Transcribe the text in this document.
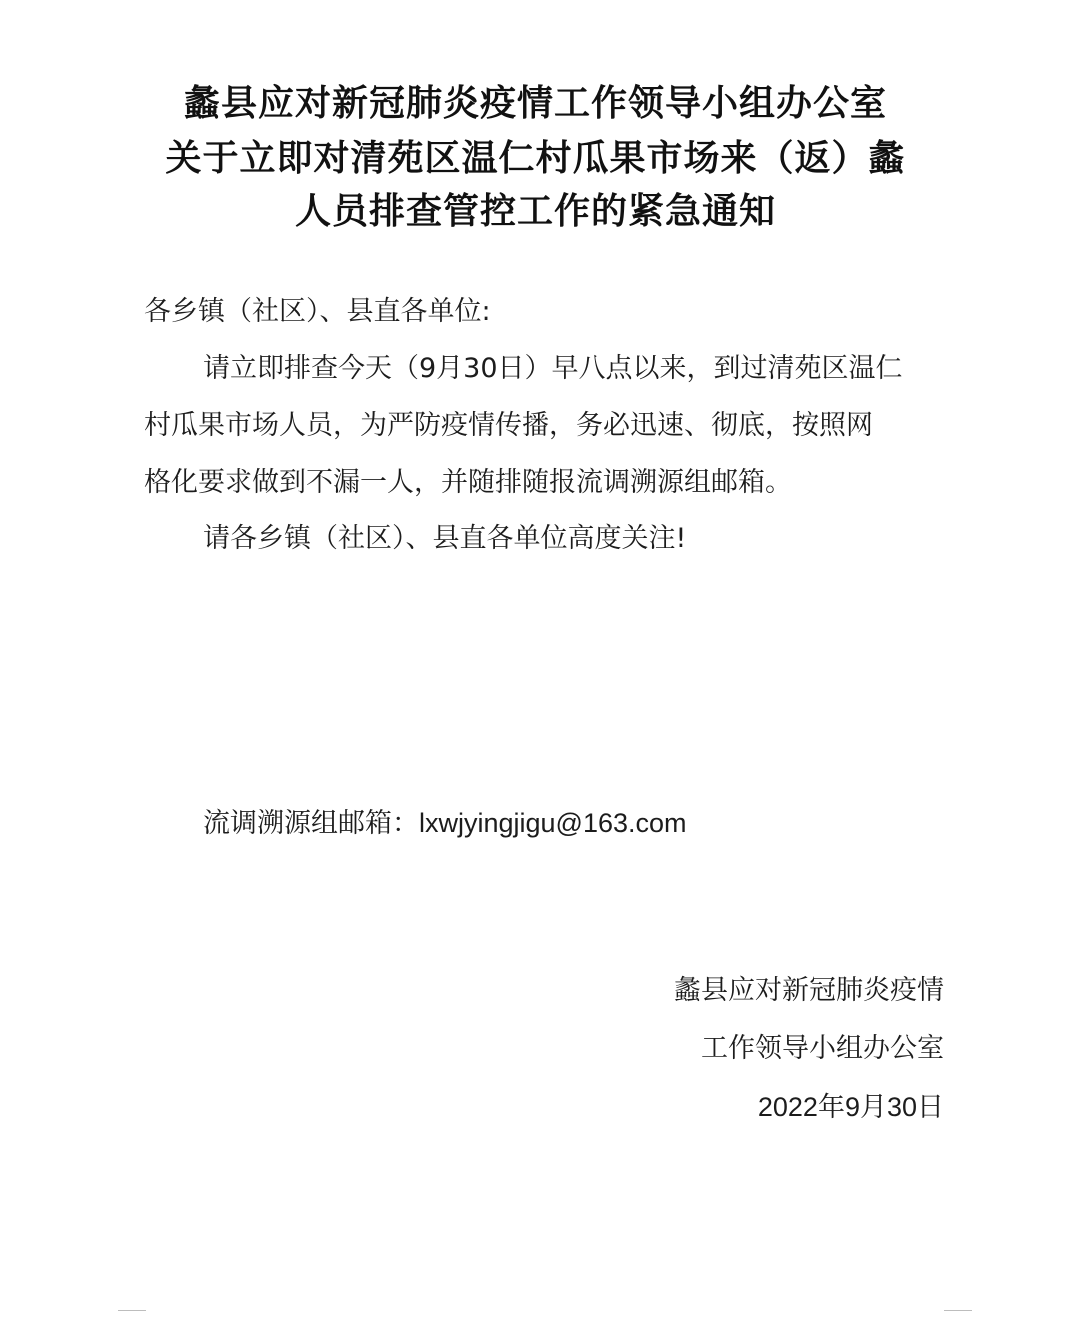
蠡县应对新冠肺炎疫情工作领导小组办公室
关于立即对清苑区温仁村瓜果市场来（返）蠡
人员排查管控工作的紧急通知
各乡镇（社区）、县直各单位:
请立即排查今天（9月30日）早八点以来，到过清苑区温仁
村瓜果市场人员，为严防疫情传播，务必迅速、彻底，按照网
格化要求做到不漏一人，并随排随报流调溯源组邮箱。
请各乡镇（社区）、县直各单位高度关注!
流调溯源组邮箱：lxwjyingjigu@163.com
蠡县应对新冠肺炎疫情
工作领导小组办公室
2022年9月30日
